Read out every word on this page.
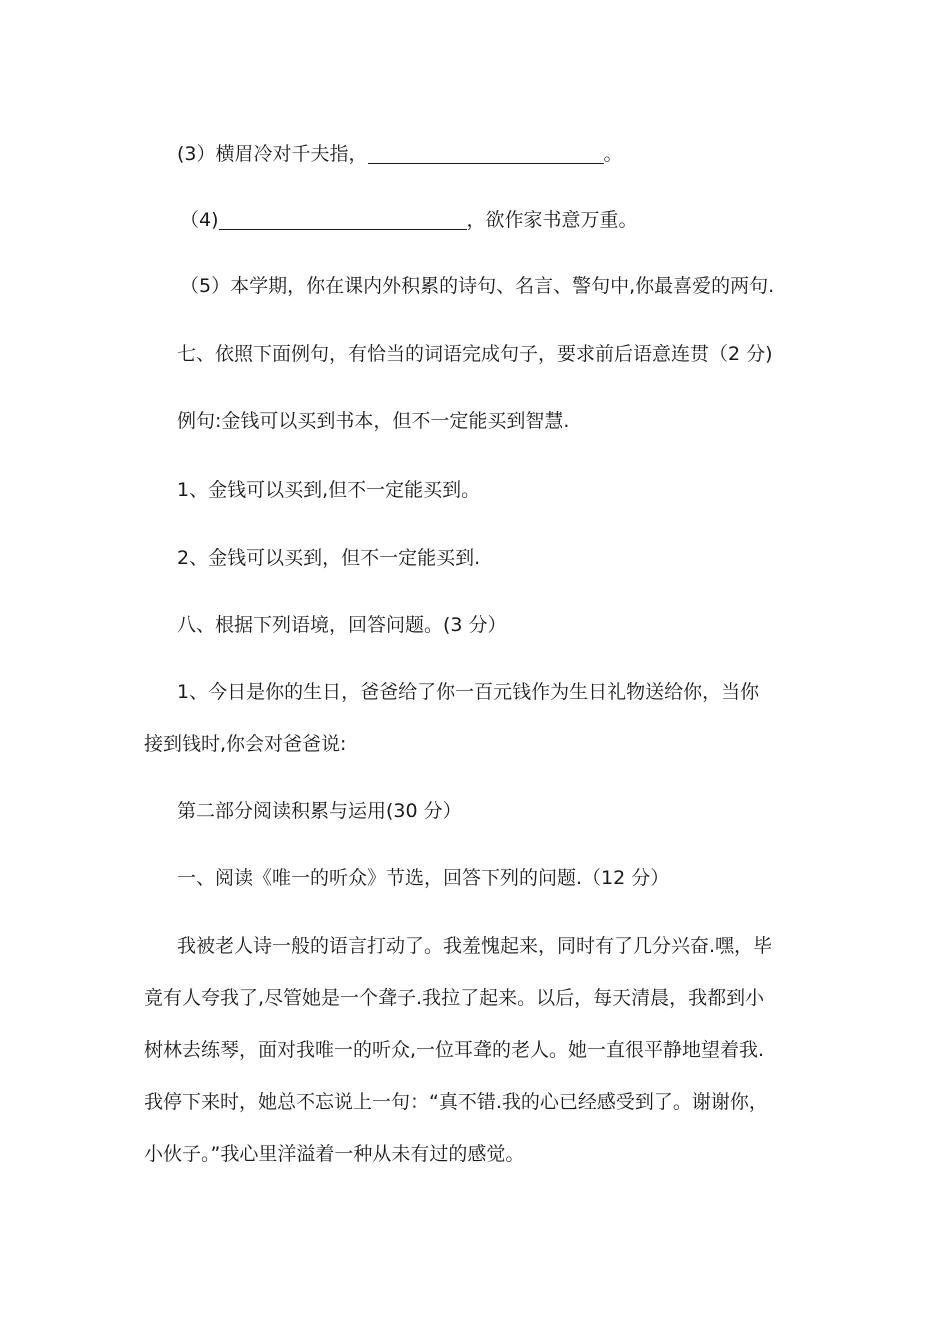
(3）横眉冷对千夫指，	。
（4)	，欲作家书意万重。
（5）本学期，你在课内外积累的诗句、名言、警句中,你最喜爱的两句.
七、依照下面例句，有恰当的词语完成句子，要求前后语意连贯（2 分)
例句:金钱可以买到书本，但不一定能买到智慧.
1、金钱可以买到,但不一定能买到。
2、金钱可以买到，但不一定能买到.
八、根据下列语境，回答问题。(3 分）
1、今日是你的生日，爸爸给了你一百元钱作为生日礼物送给你，当你
接到钱时,你会对爸爸说:
第二部分阅读积累与运用(30 分）
一、阅读《唯一的听众》节选，回答下列的问题.（12 分）
我被老人诗一般的语言打动了。我羞愧起来，同时有了几分兴奋.嘿，毕
竟有人夸我了,尽管她是一个聋子.我拉了起来。以后，每天清晨，我都到小
树林去练琴，面对我唯一的听众,一位耳聋的老人。她一直很平静地望着我.
我停下来时，她总不忘说上一句：“真不错.我的心已经感受到了。谢谢你，
小伙子。”我心里洋溢着一种从未有过的感觉。
